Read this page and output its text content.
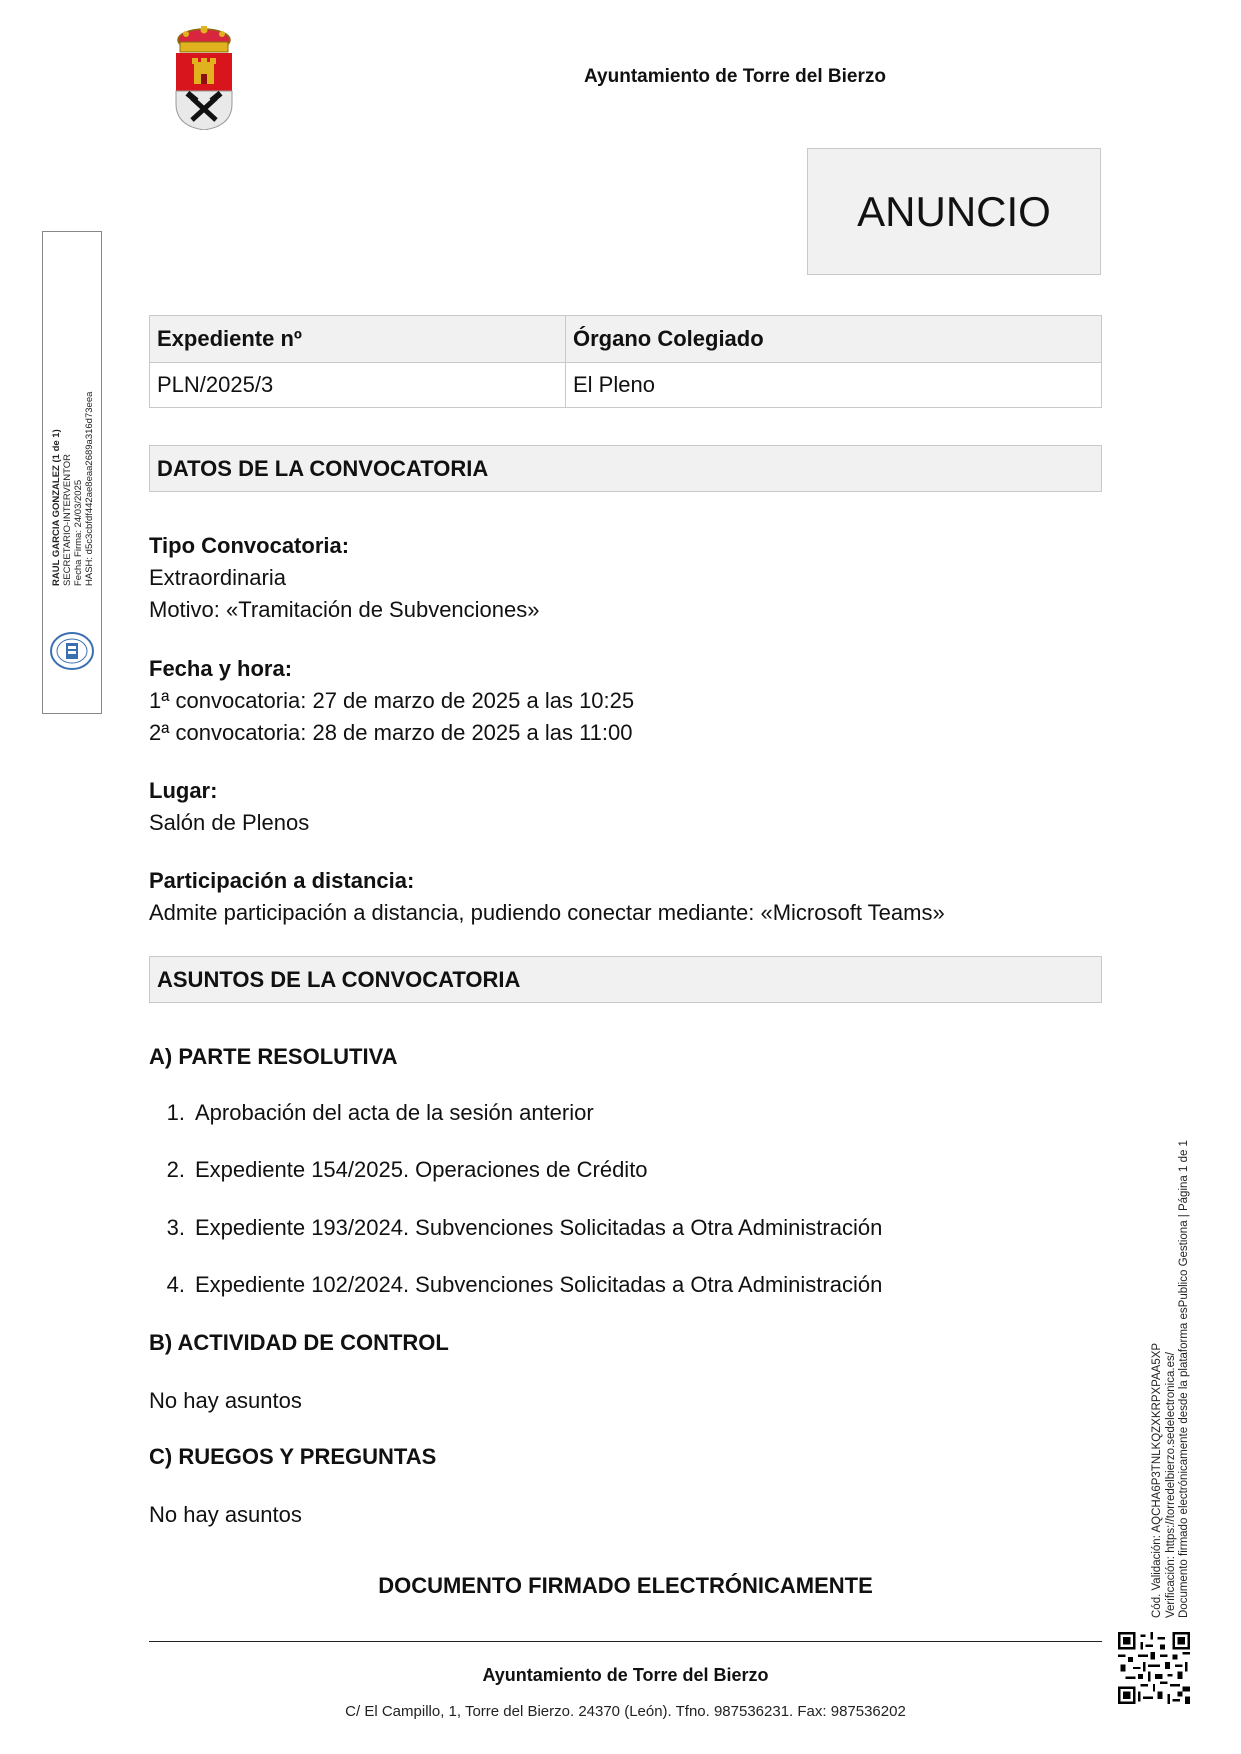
Ayuntamiento de Torre del Bierzo
ANUNCIO
Expediente nº	Órgano Colegiado
PLN/2025/3	El Pleno
DATOS DE LA CONVOCATORIA
Tipo Convocatoria:
Extraordinaria
Motivo: «Tramitación de Subvenciones»
Fecha y hora:
1ª convocatoria: 27 de marzo de 2025 a las 10:25
2ª convocatoria: 28 de marzo de 2025 a las 11:00
Lugar:
Salón de Plenos
Participación a distancia:
Admite participación a distancia, pudiendo conectar mediante: «Microsoft Teams»
ASUNTOS DE LA CONVOCATORIA
A) PARTE RESOLUTIVA
1. Aprobación del acta de la sesión anterior
2. Expediente 154/2025. Operaciones de Crédito
3. Expediente 193/2024. Subvenciones Solicitadas a Otra Administración
4. Expediente 102/2024. Subvenciones Solicitadas a Otra Administración
B) ACTIVIDAD DE CONTROL
No hay asuntos
C) RUEGOS Y PREGUNTAS
No hay asuntos
DOCUMENTO FIRMADO ELECTRÓNICAMENTE
Ayuntamiento de Torre del Bierzo
C/ El Campillo, 1, Torre del Bierzo. 24370 (León). Tfno. 987536231. Fax: 987536202
RAUL GARCIA GONZALEZ (1 de 1) SECRETARIO-INTERVENTOR Fecha Firma: 24/03/2025 HASH: d5c3cbfdf442ae8eaa2689a316d73eea
Cód. Validación: AQCHA6P3TNLKQZXKRPXPAA5XP Verificación: https://torredelbierzo.sedelectronica.es/ Documento firmado electrónicamente desde la plataforma esPublico Gestiona | Página 1 de 1
